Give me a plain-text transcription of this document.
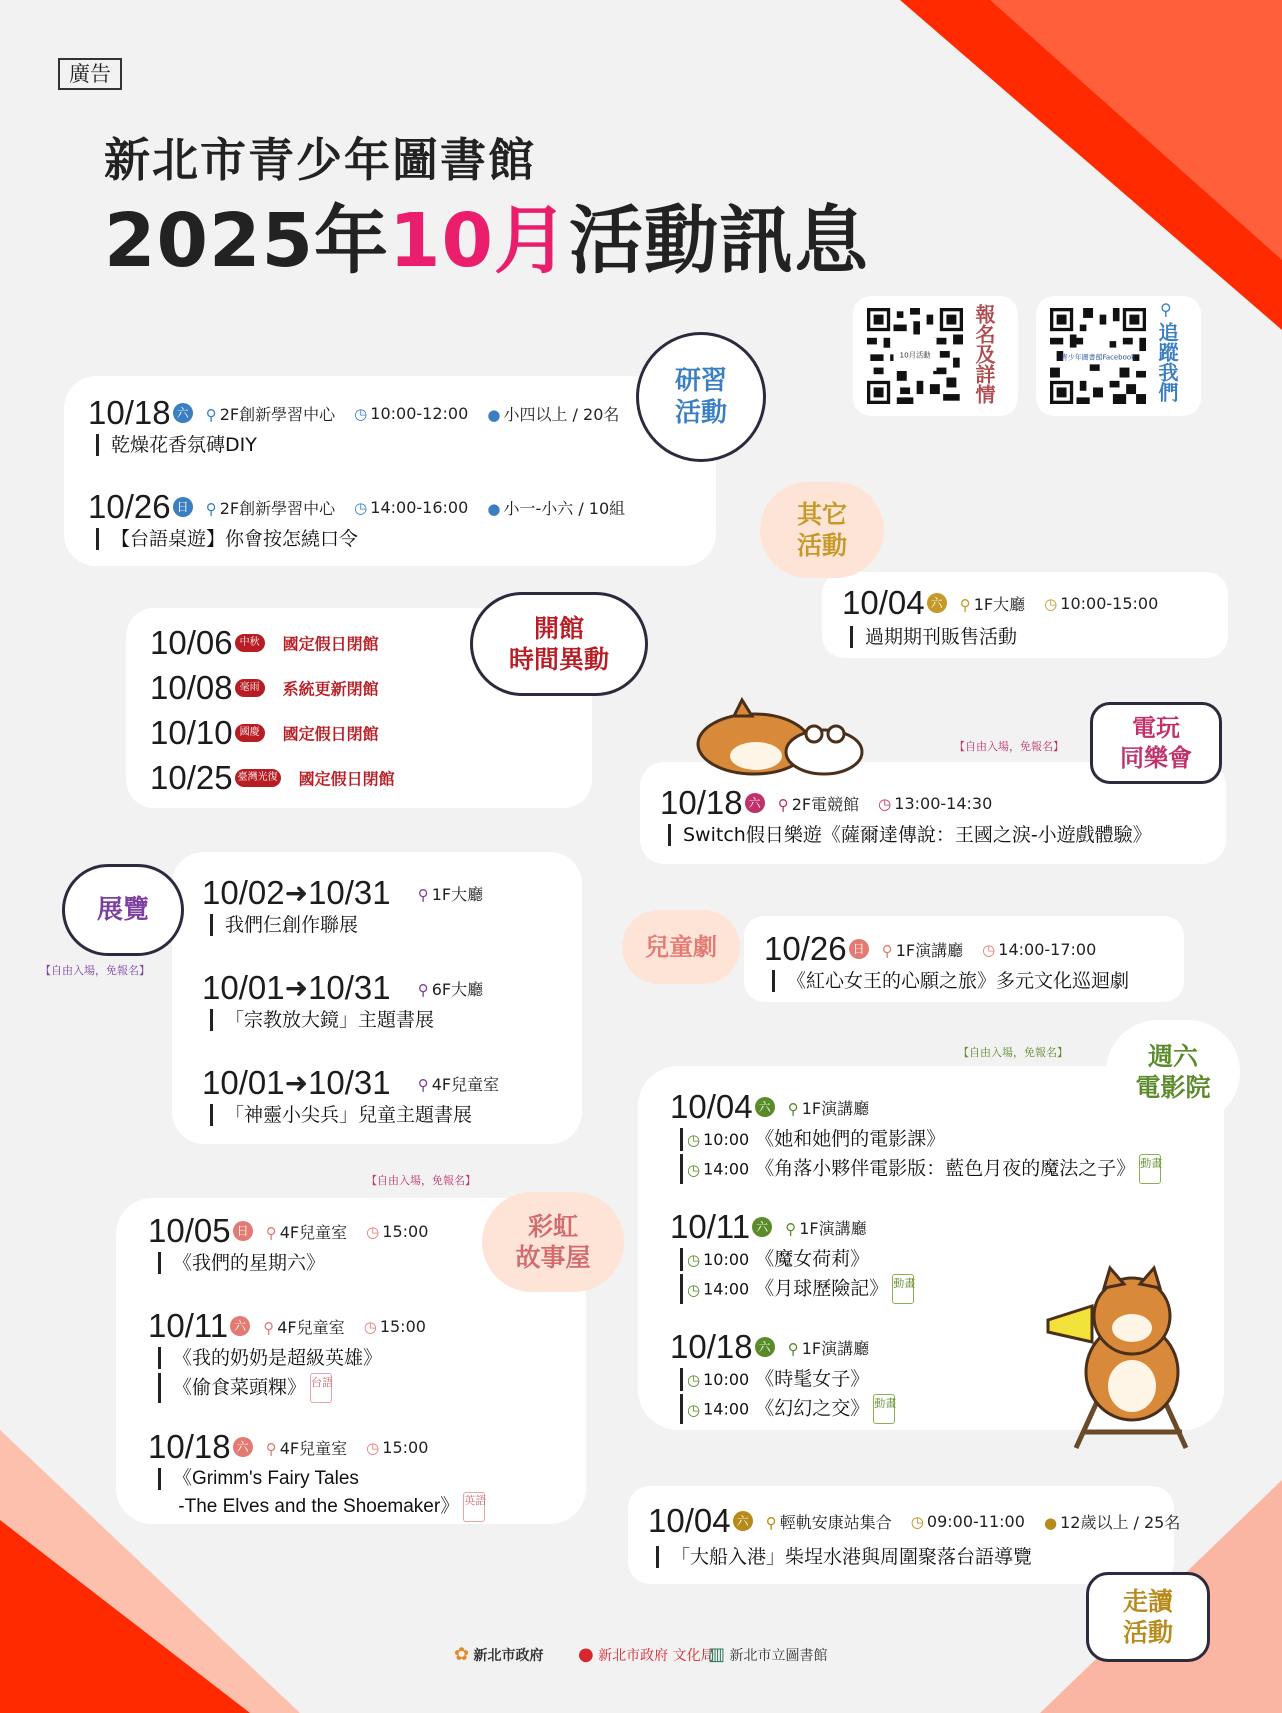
廣告
新北市青少年圖書館
2025年10月活動訊息
10月活動 報名及詳情	青少年圖書館Facebook
⚲
追蹤我們
10/18 六 ⚲ 2F創新學習中心 ◷ 10:00-12:00 ● 小四以上 / 20名
乾燥花香氛磚DIY
10/26 日 ⚲ 2F創新學習中心 ◷ 14:00-16:00 ● 小一-小六 / 10組
【台語桌遊】你會按怎繞口令
研習
活動
10/04 六 ⚲ 1F大廳 ◷ 10:00-15:00
過期期刊販售活動
其它
活動
10/06 中秋 國定假日閉館
10/08 毫雨 系統更新閉館
10/10 國慶 國定假日閉館
10/25 臺灣光復 國定假日閉館
開館
時間異動
【自由入場，免報名】
10/18 六 ⚲ 2F電競館 ◷ 13:00-14:30
Switch假日樂遊《薩爾達傳說：王國之淚-小遊戲體驗》
電玩
同樂會
10/02➜10/31 ⚲ 1F大廳
我們仨創作聯展
10/01➜10/31 ⚲ 6F大廳
「宗教放大鏡」主題書展
10/01➜10/31 ⚲ 4F兒童室
「神靈小尖兵」兒童主題書展
展覽
【自由入場，免報名】
10/26 日 ⚲ 1F演講廳 ◷ 14:00-17:00
《紅心女王的心願之旅》多元文化巡迴劇
兒童劇
【自由入場，免報名】	週六
電影院
10/04 六 ⚲ 1F演講廳
◷ 10:00 《她和她們的電影課》
◷ 14:00 《角落小夥伴電影版：藍色月夜的魔法之子》 動畫
10/11 六 ⚲ 1F演講廳
◷ 10:00 《魔女荷莉》
◷ 14:00 《月球歷險記》 動畫
10/18 六 ⚲ 1F演講廳
◷ 10:00 《時髦女子》
◷ 14:00 《幻幻之交》 動畫
【自由入場，免報名】
彩虹
故事屋
10/05 日 ⚲ 4F兒童室 ◷ 15:00
《我們的星期六》
10/11 六 ⚲ 4F兒童室 ◷ 15:00
《我的奶奶是超級英雄》
《偷食菜頭粿》 台語
10/18 六 ⚲ 4F兒童室 ◷ 15:00
《Grimm's Fairy Tales
-The Elves and the Shoemaker》 英語
10/04 六 ⚲ 輕軌安康站集合 ◷ 09:00-11:00 ● 12歲以上 / 25名
「大船入港」柴埕水港與周圍聚落台語導覽
走讀
活動
✿ 新北市政府 ● 新北市政府 文化局
▥ 新北市立圖書館
